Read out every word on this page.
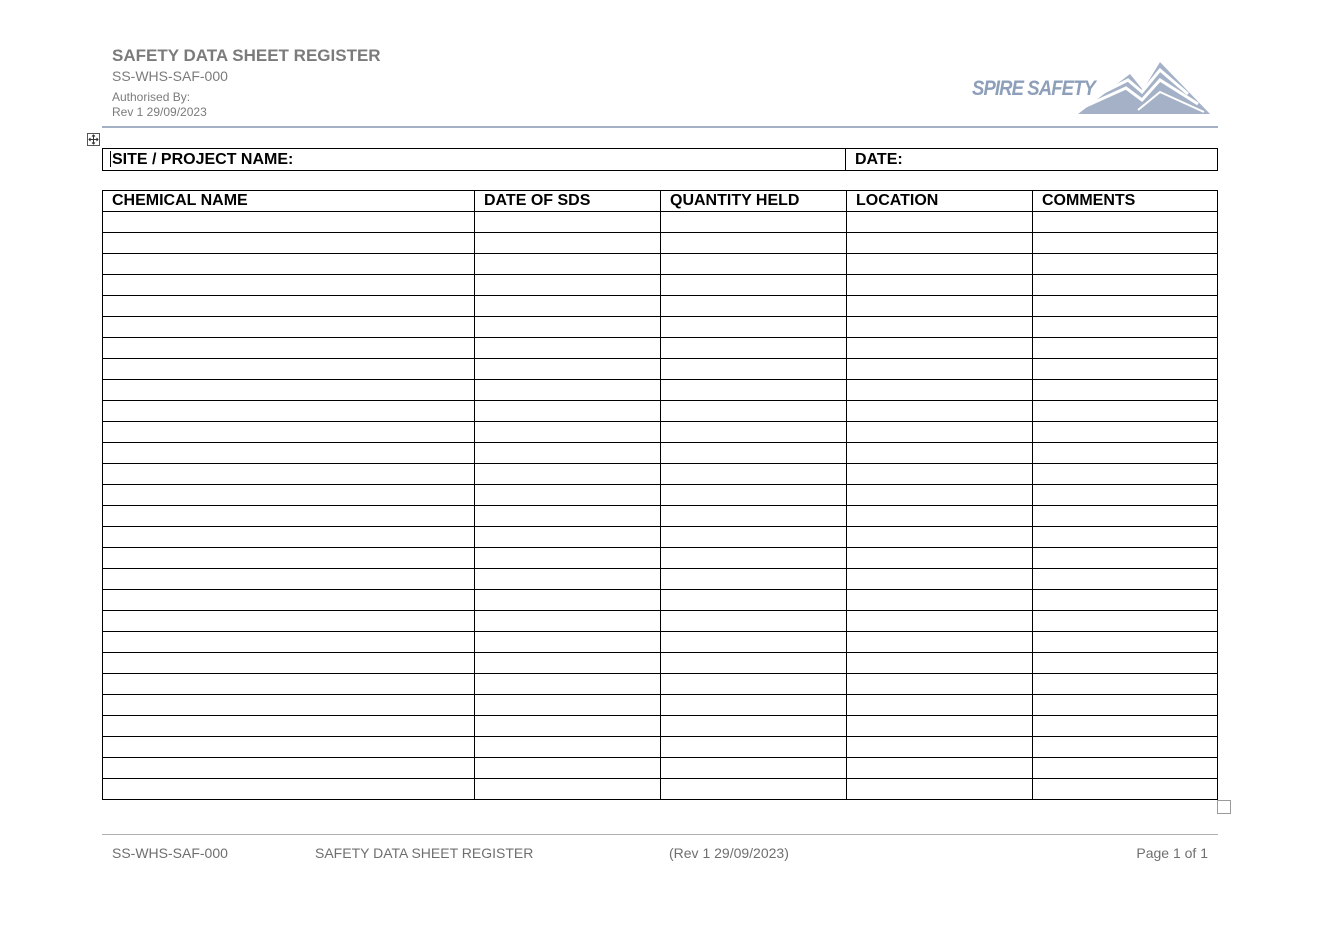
SAFETY DATA SHEET REGISTER
SS-WHS-SAF-000
Authorised By:
Rev 1 29/09/2023
SPIRE SAFETY
SITE / PROJECT NAME:	DATE:
CHEMICAL NAME	DATE OF SDS	QUANTITY HELD	LOCATION	COMMENTS

SS-WHS-SAF-000	SAFETY DATA SHEET REGISTER	(Rev 1 29/09/2023)	Page 1 of 1
